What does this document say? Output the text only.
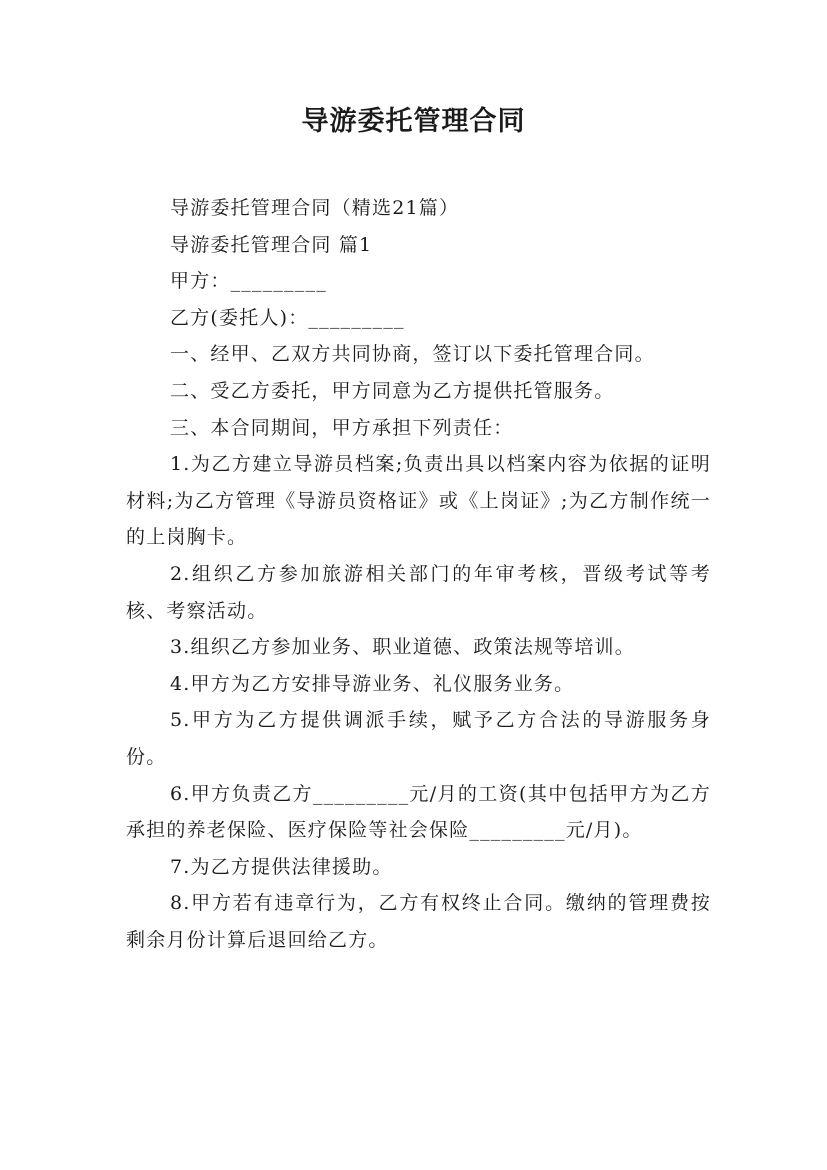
导游委托管理合同

导游委托管理合同（精选21篇）

导游委托管理合同 篇1

甲方：_________

乙方(委托人)：_________

一、经甲、乙双方共同协商，签订以下委托管理合同。

二、受乙方委托，甲方同意为乙方提供托管服务。

三、本合同期间，甲方承担下列责任：

1.为乙方建立导游员档案;负责出具以档案内容为依据的证明材料;为乙方管理《导游员资格证》或《上岗证》;为乙方制作统一的上岗胸卡。

2.组织乙方参加旅游相关部门的年审考核，晋级考试等考核、考察活动。

3.组织乙方参加业务、职业道德、政策法规等培训。

4.甲方为乙方安排导游业务、礼仪服务业务。

5.甲方为乙方提供调派手续，赋予乙方合法的导游服务身份。

6.甲方负责乙方_________元/月的工资(其中包括甲方为乙方承担的养老保险、医疗保险等社会保险_________元/月)。

7.为乙方提供法律援助。

8.甲方若有违章行为，乙方有权终止合同。缴纳的管理费按剩余月份计算后退回给乙方。
